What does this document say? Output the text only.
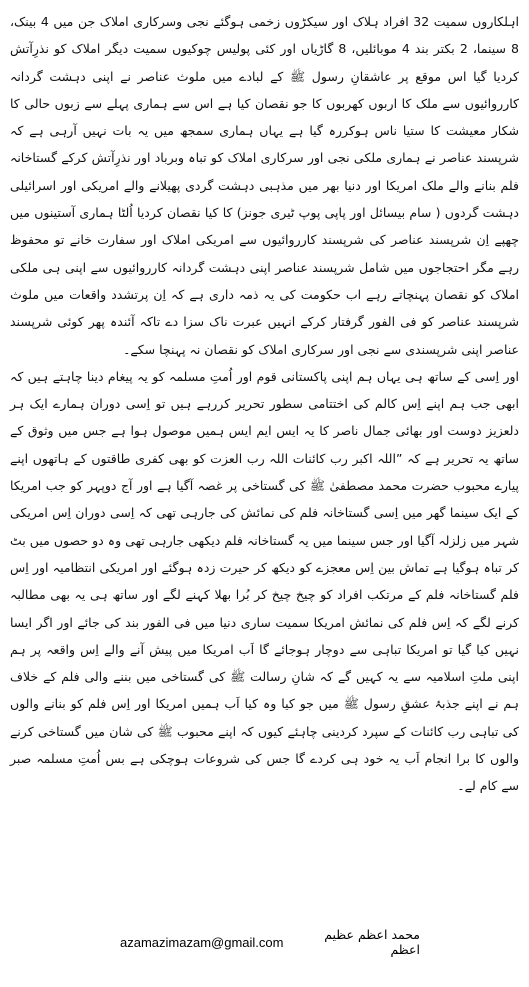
اہلکاروں سمیت 32 افراد ہلاک اور سیکڑوں زخمی ہوگئے نجی وسرکاری املاک جن میں 4 بینک، 8 سینما، 2 بکتر بند 4 موبائلیں، 8 گاڑیاں اور کئی پولیس چوکیوں سمیت دیگر املاک کو نذرِآتش کردیا گیا اس موقع پر عاشقانِ رسول ﷺ کے لبادے میں ملوث عناصر نے اپنی دہشت گردانہ کارروائیوں سے ملک کا اربوں کھربوں کا جو نقصان کیا ہے اس سے ہماری پہلے سے زبوں حالی کا شکار معیشت کا ستیا ناس ہوکررہ گیا ہے یہاں ہماری سمجھ میں یہ بات نہیں آرہی ہے کہ شرپسند عناصر نے ہماری ملکی نجی اور سرکاری املاک کو تباہ وبرباد اور نذرِآتش کرکے گستاخانہ فلم بنانے والے ملک امریکا اور دنیا بھر میں مذہبی دہشت گردی پھیلانے والے امریکی اور اسرائیلی دہشت گردوں ( سام بیسائل اور پاپی پوپ ٹیری جونز) کا کیا نقصان کردیا اُلٹا ہماری آستینوں میں چھپے اِن شرپسند عناصر کی شرپسند کارروائیوں سے امریکی املاک اور سفارت خانے تو محفوظ رہے مگر احتجاجوں میں شامل شرپسند عناصر اپنی دہشت گردانہ کارروائیوں سے اپنی ہی ملکی املاک کو نقصان پہنچاتے رہے اب حکومت کی یہ ذمہ داری ہے کہ اِن پرتشدد واقعات میں ملوث شرپسند عناصر کو فی الفور گرفتار کرکے انہیں عبرت ناک سزا دے تاکہ آئندہ پھر کوئی شرپسند عناصر اپنی شرپسندی سے نجی اور سرکاری املاک کو نقصان نہ پہنچا سکے۔

اور اِسی کے ساتھ ہی یہاں ہم اپنی پاکستانی قوم اور اُمتِ مسلمہ کو یہ پیغام دینا چاہتے ہیں کہ ابھی جب ہم اپنے اِس کالم کی اختتامی سطور تحریر کررہے ہیں تو اِسی دوران ہمارے ایک ہر دلعزیز دوست اور بھائی جمال ناصر کا یہ ایس ایم ایس ہمیں موصول ہوا ہے جس میں وثوق کے ساتھ یہ تحریر ہے کہ ”اللہ اکبر رب کائنات اللہ رب العزت کو بھی کفری طاقتوں کے ہاتھوں اپنے پیارے محبوب حضرت محمد مصطفیٰ ﷺ کی گستاخی پر غصہ آگیا ہے اور آج دوپہر کو جب امریکا کے ایک سینما گھر میں اِسی گستاخانہ فلم کی نمائش کی جارہی تھی کہ اِسی دوران اِس امریکی شہر میں زلزلہ آگیا اور جس سینما میں یہ گستاخانہ فلم دیکھی جارہی تھی وہ دو حصوں میں بٹ کر تباہ ہوگیا ہے تماش بین اِس معجزے کو دیکھ کر حیرت زدہ ہوگئے اور امریکی انتظامیہ اور اِس فلم گستاخانہ فلم کے مرتکب افراد کو چیخ چیخ کر بُرا بھلا کہنے لگے اور ساتھ ہی یہ بھی مطالبہ کرنے لگے کہ اِس فلم کی نمائش امریکا سمیت ساری دنیا میں فی الفور بند کی جائے اور اگر ایسا نہیں کیا گیا تو امریکا تباہی سے دوچار ہوجائے گا اَب امریکا میں پیش آنے والے اِس واقعہ پر ہم اپنی ملتِ اسلامیہ سے یہ کہیں گے کہ شانِ رسالت ﷺ کی گستاخی میں بننے والی فلم کے خلاف ہم نے اپنے جذبۂ عشقِ رسول ﷺ میں جو کیا وہ کیا اَب ہمیں امریکا اور اِس فلم کو بنانے والوں کی تباہی رب کائنات کے سپرد کردینی چاہئے کیوں کہ اپنے محبوب ﷺ کی شان میں گستاخی کرنے والوں کا برا انجام اَب یہ خود ہی کردے گا جس کی شروعات ہوچکی ہے بس اُمتِ مسلمہ صبر سے کام لے۔

azamazimazam@gmail.com	محمد اعظم عظیم اعظم
